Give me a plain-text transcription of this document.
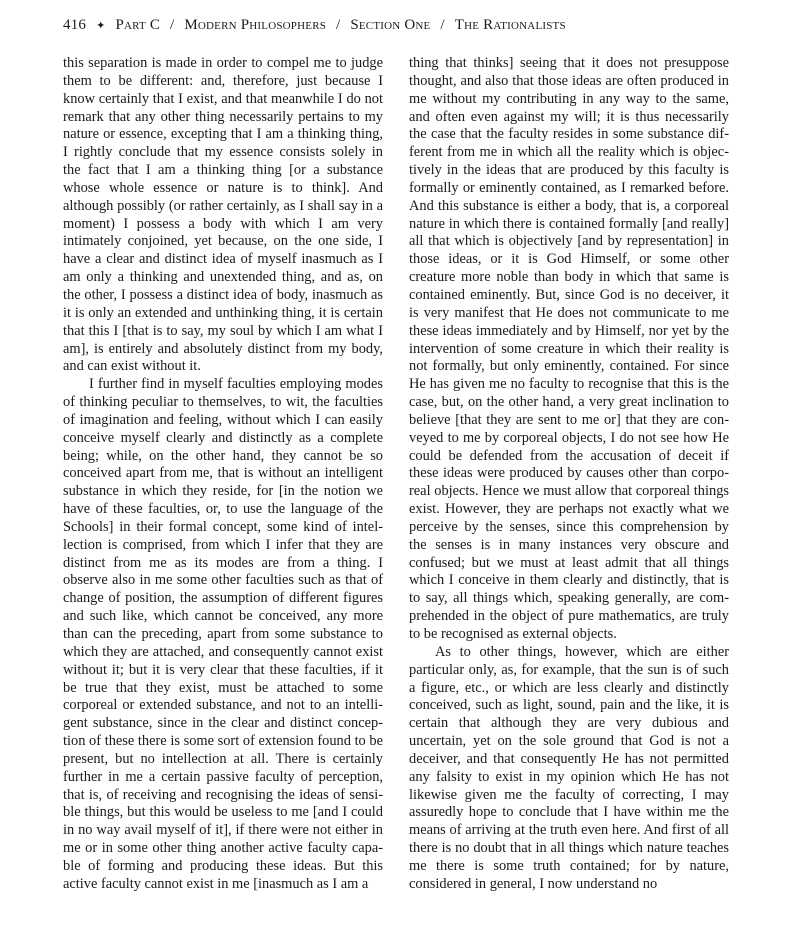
416 ✦ Part C / Modern Philosophers / Section One / The Rationalists

this separation is made in order to compel me to judge them to be different: and, therefore, just because I know certainly that I exist, and that meanwhile I do not remark that any other thing necessarily pertains to my nature or essence, excepting that I am a thinking thing, I rightly conclude that my essence consists solely in the fact that I am a thinking thing [or a substance whose whole essence or nature is to think]. And although possibly (or rather certainly, as I shall say in a moment) I possess a body with which I am very intimately conjoined, yet because, on the one side, I have a clear and distinct idea of myself inasmuch as I am only a thinking and unextended thing, and as, on the other, I possess a distinct idea of body, inasmuch as it is only an extended and unthinking thing, it is certain that this I [that is to say, my soul by which I am what I am], is entirely and absolutely distinct from my body, and can exist without it.

I further find in myself faculties employing modes of thinking peculiar to themselves, to wit, the faculties of imagination and feeling, without which I can easily conceive myself clearly and distinctly as a complete being; while, on the other hand, they cannot be so conceived apart from me, that is without an intelligent substance in which they reside, for [in the notion we have of these faculties, or, to use the language of the Schools] in their formal concept, some kind of intellection is comprised, from which I infer that they are distinct from me as its modes are from a thing. I observe also in me some other faculties such as that of change of position, the assumption of different figures and such like, which cannot be conceived, any more than can the preceding, apart from some substance to which they are attached, and consequently cannot exist without it; but it is very clear that these faculties, if it be true that they exist, must be attached to some corporeal or extended substance, and not to an intelligent substance, since in the clear and distinct conception of these there is some sort of extension found to be present, but no intellection at all. There is certainly further in me a certain passive faculty of perception, that is, of receiving and recognising the ideas of sensible things, but this would be useless to me [and I could in no way avail myself of it], if there were not either in me or in some other thing another active faculty capable of forming and producing these ideas. But this active faculty cannot exist in me [inasmuch as I am a

thing that thinks] seeing that it does not presuppose thought, and also that those ideas are often produced in me without my contributing in any way to the same, and often even against my will; it is thus necessarily the case that the faculty resides in some substance different from me in which all the reality which is objectively in the ideas that are produced by this faculty is formally or eminently contained, as I remarked before. And this substance is either a body, that is, a corporeal nature in which there is contained formally [and really] all that which is objectively [and by representation] in those ideas, or it is God Himself, or some other creature more noble than body in which that same is contained eminently. But, since God is no deceiver, it is very manifest that He does not communicate to me these ideas immediately and by Himself, nor yet by the intervention of some creature in which their reality is not formally, but only eminently, contained. For since He has given me no faculty to recognise that this is the case, but, on the other hand, a very great inclination to believe [that they are sent to me or] that they are conveyed to me by corporeal objects, I do not see how He could be defended from the accusation of deceit if these ideas were produced by causes other than corporeal objects. Hence we must allow that corporeal things exist. However, they are perhaps not exactly what we perceive by the senses, since this comprehension by the senses is in many instances very obscure and confused; but we must at least admit that all things which I conceive in them clearly and distinctly, that is to say, all things which, speaking generally, are comprehended in the object of pure mathematics, are truly to be recognised as external objects.

As to other things, however, which are either particular only, as, for example, that the sun is of such a figure, etc., or which are less clearly and distinctly conceived, such as light, sound, pain and the like, it is certain that although they are very dubious and uncertain, yet on the sole ground that God is not a deceiver, and that consequently He has not permitted any falsity to exist in my opinion which He has not likewise given me the faculty of correcting, I may assuredly hope to conclude that I have within me the means of arriving at the truth even here. And first of all there is no doubt that in all things which nature teaches me there is some truth contained; for by nature, considered in general, I now understand no
